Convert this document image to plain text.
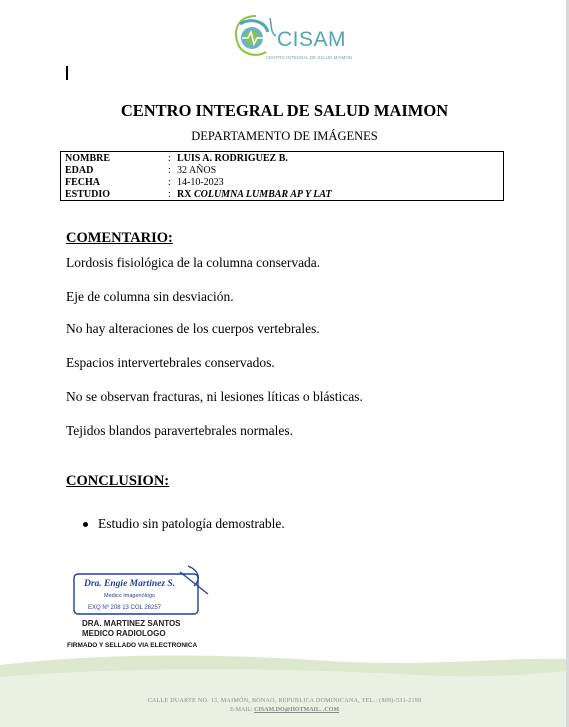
CISAM
CENTRO INTEGRAL DE SALUD MAIMON
CENTRO INTEGRAL DE SALUD MAIMON
DEPARTAMENTO DE IMÁGENES
NOMBRE	: LUIS A. RODRIGUEZ B.
EDAD	: 32 AÑOS
FECHA	: 14-10-2023
ESTUDIO	: RX COLUMNA LUMBAR AP Y LAT
COMENTARIO:
Lordosis fisiológica de la columna conservada.
Eje de columna sin desviación.
No hay alteraciones de los cuerpos vertebrales.
Espacios intervertebrales conservados.
No se observan fracturas, ni lesiones líticas o blásticas.
Tejidos blandos paravertebrales normales.
CONCLUSION:
Estudio sin patología demostrable.
Dra. Engie Martinez S.
Medico Imagenólogo
EXQ Nº 208 13 COL 26257
DRA. MARTINEZ SANTOS
MEDICO RADIOLOGO
FIRMADO Y SELLADO VIA ELECTRONICA
CALLE DUARTE NO. 13, MAIMÓN, BONAO, REPUBLICA DOMINICANA, TEL.: (809)-531-2198
E-MAIL: CISAM.DO@HOTMAIL. .COM
